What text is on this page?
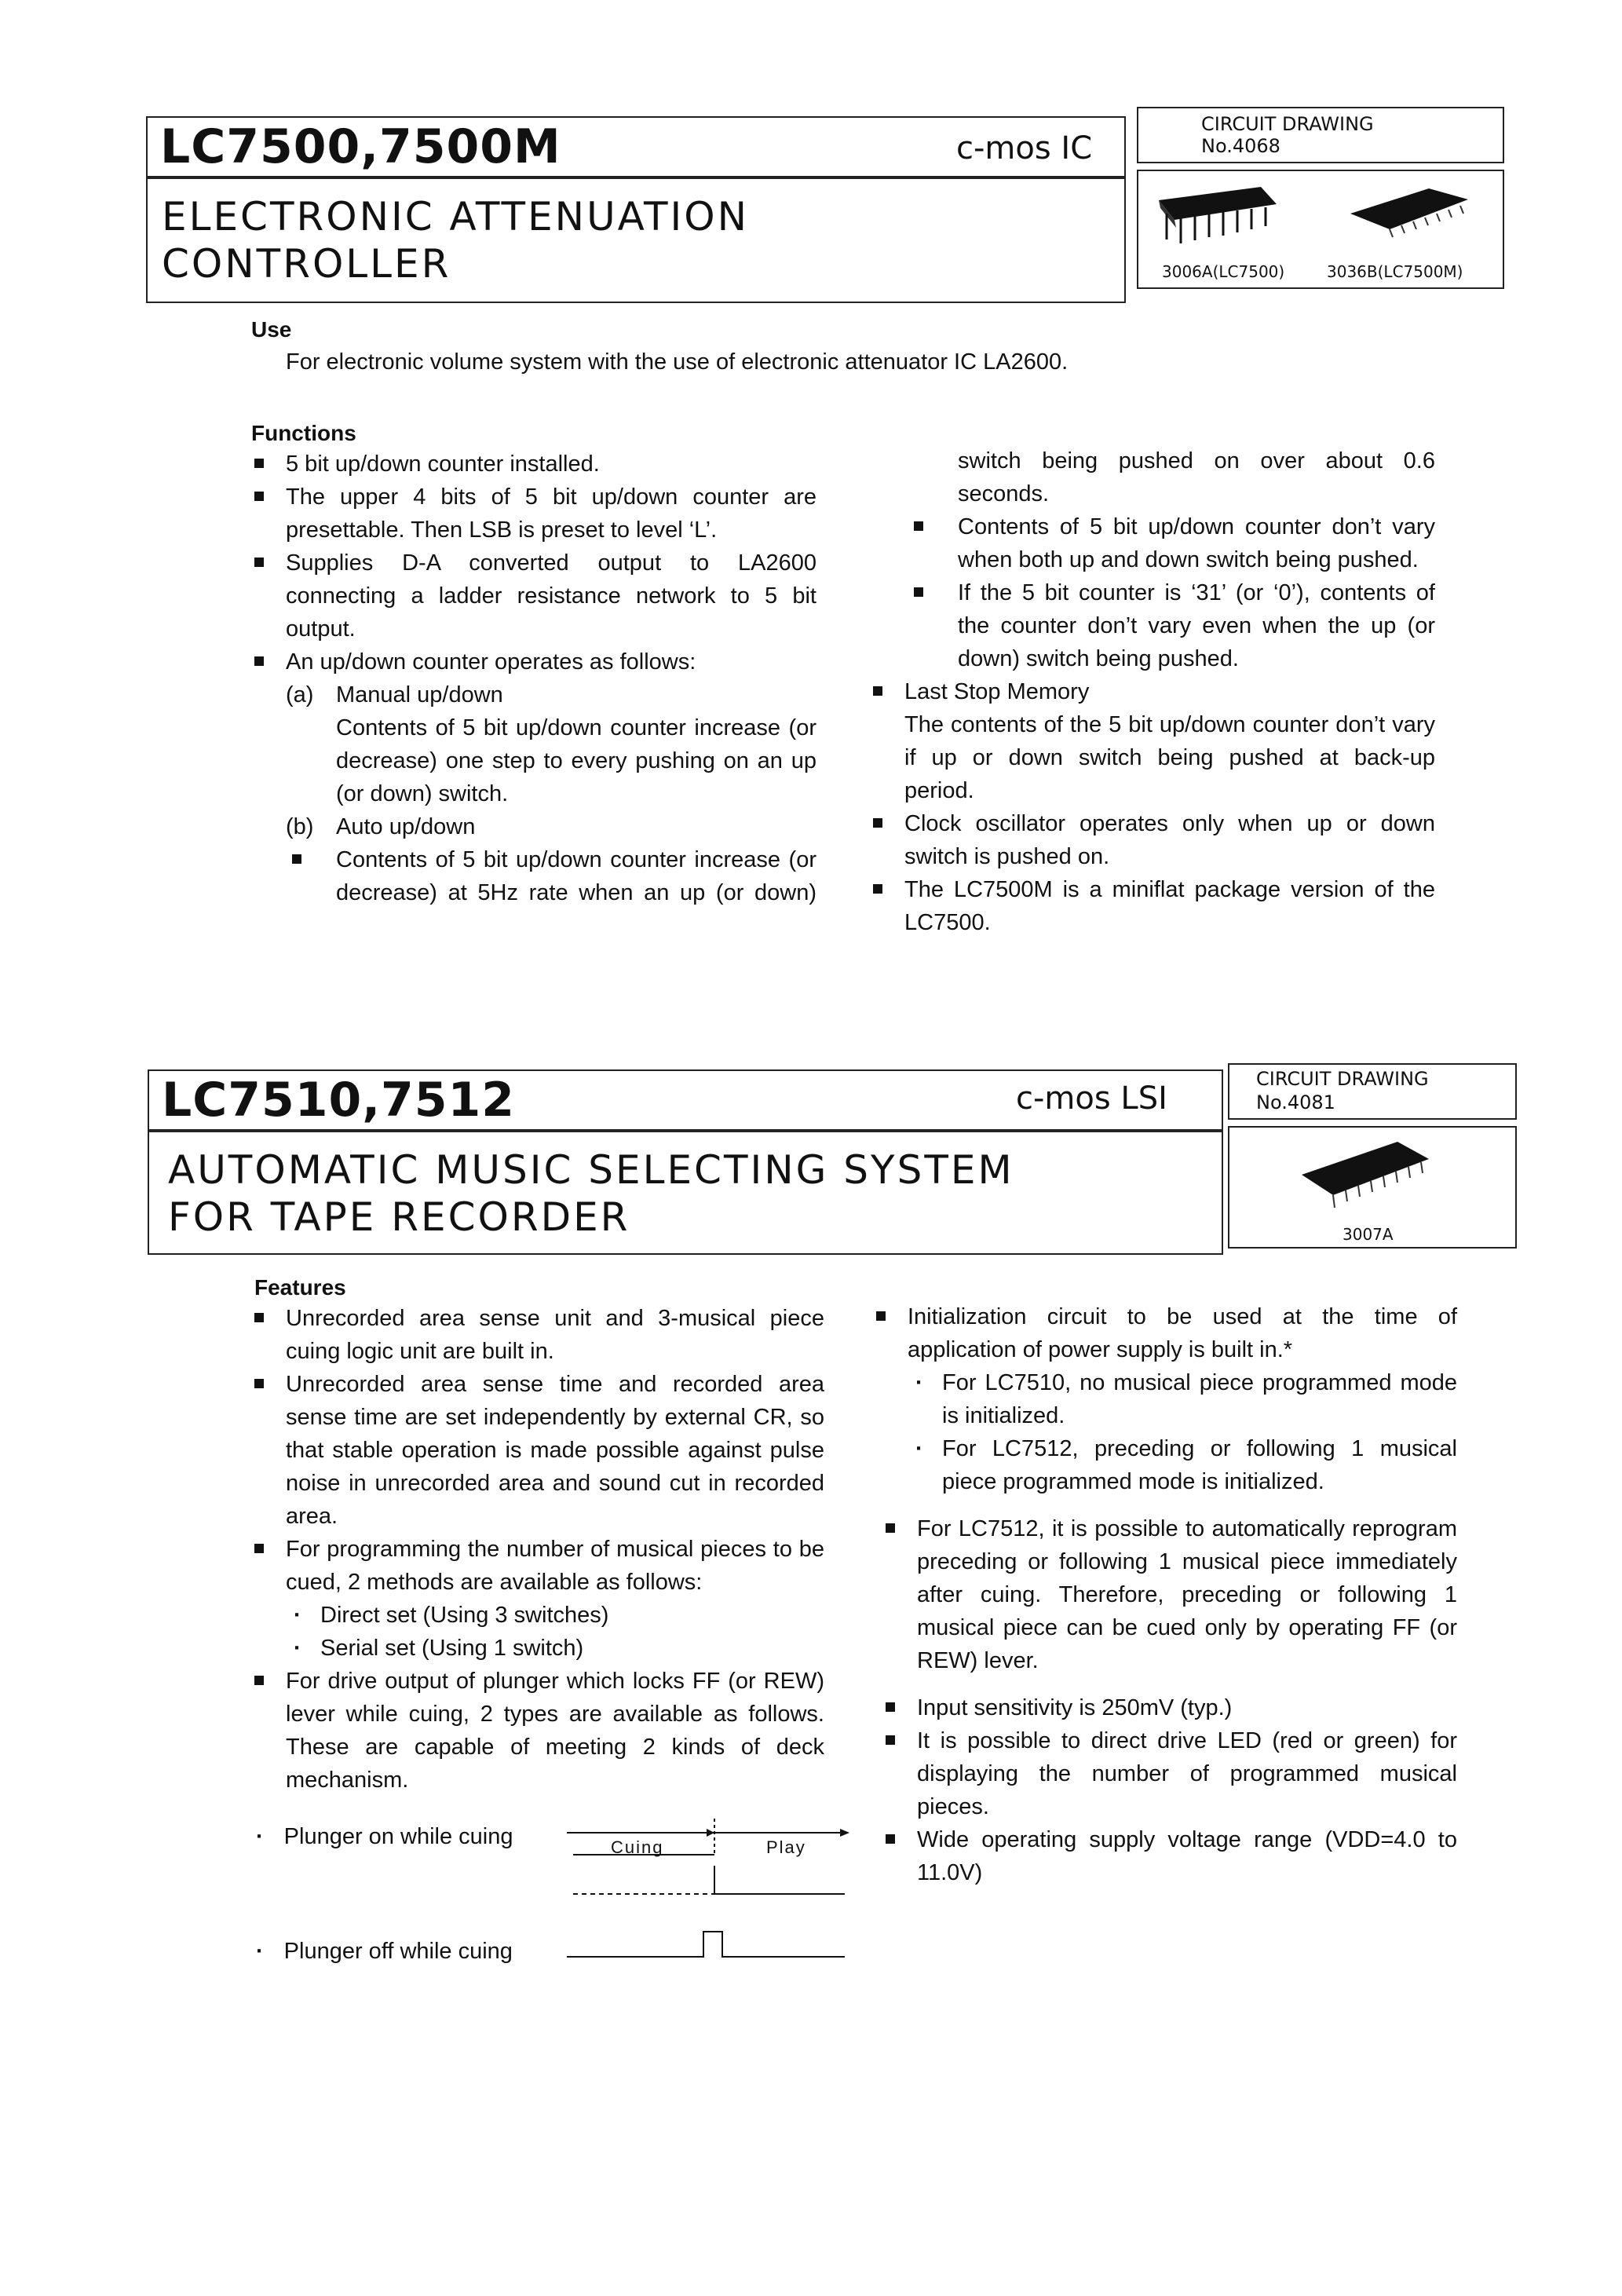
LC7500,7500M	c-mos IC
CIRCUIT DRAWING
No.4068
ELECTRONIC ATTENUATION
CONTROLLER	3006A(LC7500)	3036B(LC7500M)
Use
For electronic volume system with the use of electronic attenuator IC LA2600.
Functions
5 bit up/down counter installed.
The upper 4 bits of 5 bit up/down counter are presettable. Then LSB is preset to level ‘L’.
Supplies D-A converted output to LA2600 connecting a ladder resistance network to 5 bit output.
An up/down counter operates as follows:
(a) Manual up/down
Contents of 5 bit up/down counter increase (or decrease) one step to every pushing on an up (or down) switch.
(b) Auto up/down
Contents of 5 bit up/down counter increase (or decrease) at 5Hz rate when an up (or down)
switch being pushed on over about 0.6 seconds.
Contents of 5 bit up/down counter don’t vary when both up and down switch being pushed.
If the 5 bit counter is ‘31’ (or ‘0’), contents of the counter don’t vary even when the up (or down) switch being pushed.
Last Stop Memory
The contents of the 5 bit up/down counter don’t vary if up or down switch being pushed at back-up period.
Clock oscillator operates only when up or down switch is pushed on.
The LC7500M is a miniflat package version of the LC7500.
LC7510,7512	c-mos LSI
CIRCUIT DRAWING
No.4081
AUTOMATIC MUSIC SELECTING SYSTEM
FOR TAPE RECORDER	3007A
Features
Unrecorded area sense unit and 3-musical piece cuing logic unit are built in.
Unrecorded area sense time and recorded area sense time are set independently by external CR, so that stable operation is made possible against pulse noise in unrecorded area and sound cut in recorded area.
For programming the number of musical pieces to be cued, 2 methods are available as follows:
· Direct set (Using 3 switches)
· Serial set (Using 1 switch)
For drive output of plunger which locks FF (or REW) lever while cuing, 2 types are available as follows. These are capable of meeting 2 kinds of deck mechanism.
· Plunger on while cuing
· Plunger off while cuing
Cuing	Play
Initialization circuit to be used at the time of application of power supply is built in.*
· For LC7510, no musical piece programmed mode is initialized.
· For LC7512, preceding or following 1 musical piece programmed mode is initialized.
For LC7512, it is possible to automatically reprogram preceding or following 1 musical piece immediately after cuing. Therefore, preceding or following 1 musical piece can be cued only by operating FF (or REW) lever.
Input sensitivity is 250mV (typ.)
It is possible to direct drive LED (red or green) for displaying the number of programmed musical pieces.
Wide operating supply voltage range (VDD=4.0 to 11.0V)
